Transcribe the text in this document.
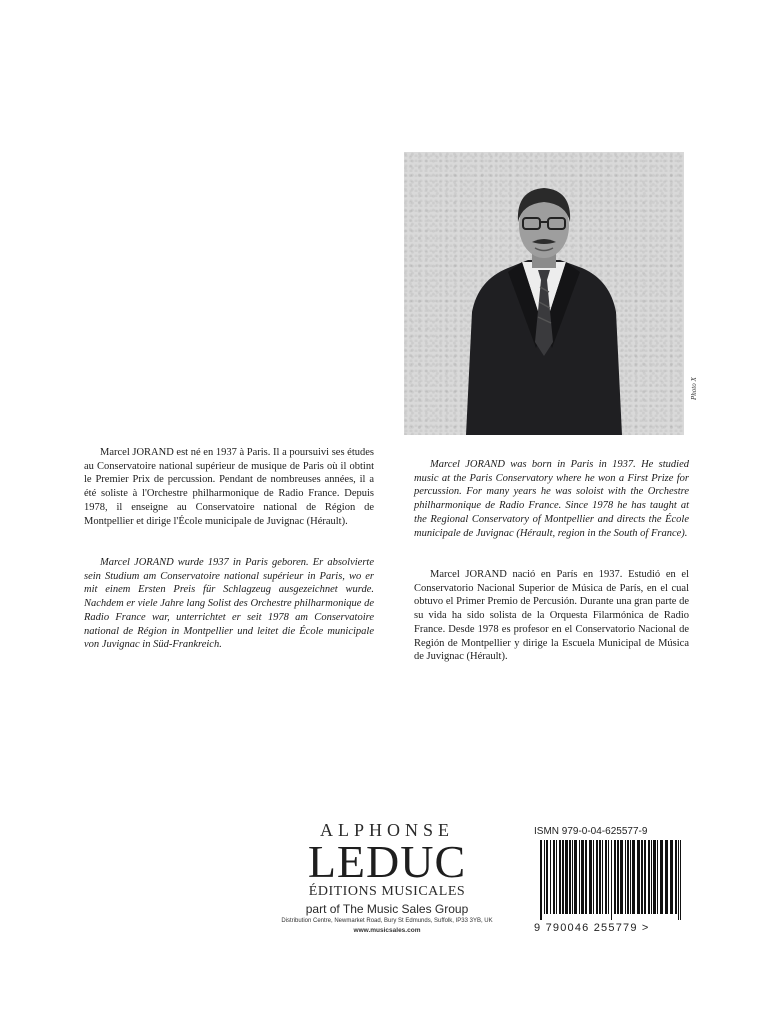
Photo X

Marcel JORAND est né en 1937 à Paris. Il a poursuivi ses études au Conservatoire national supérieur de musique de Paris où il obtint le Premier Prix de percussion. Pendant de nombreuses années, il a été soliste à l'Orchestre philharmonique de Radio France. Depuis 1978, il enseigne au Conservatoire national de Région de Montpellier et dirige l'École municipale de Juvignac (Hérault).

Marcel JORAND wurde 1937 in Paris geboren. Er absolvierte sein Studium am Conservatoire national supérieur in Paris, wo er mit einem Ersten Preis für Schlagzeug ausgezeichnet wurde. Nachdem er viele Jahre lang Solist des Orchestre philharmonique de Radio France war, unterrichtet er seit 1978 am Conservatoire national de Région in Montpellier und leitet die École municipale von Juvignac in Süd-Frankreich.

Marcel JORAND was born in Paris in 1937. He studied music at the Paris Conservatory where he won a First Prize for percussion. For many years he was soloist with the Orchestre philharmonique de Radio France. Since 1978 he has taught at the Regional Conservatory of Montpellier and directs the École municipale de Juvignac (Hérault, region in the South of France).

Marcel JORAND nació en París en 1937. Estudió en el Conservatorio Nacional Superior de Música de París, en el cual obtuvo el Primer Premio de Percusión. Durante una gran parte de su vida ha sido solista de la Orquesta Filarmónica de Radio France. Desde 1978 es profesor en el Conservatorio Nacional de Región de Montpellier y dirige la Escuela Municipal de Música de Juvignac (Hérault).

ALPHONSE
LEDUC
ÉDITIONS MUSICALES
part of The Music Sales Group
Distribution Centre, Newmarket Road, Bury St Edmunds, Suffolk, IP33 3YB, UK
www.musicsales.com
ISMN 979-0-04-625577-9
9 790046 255779 >
